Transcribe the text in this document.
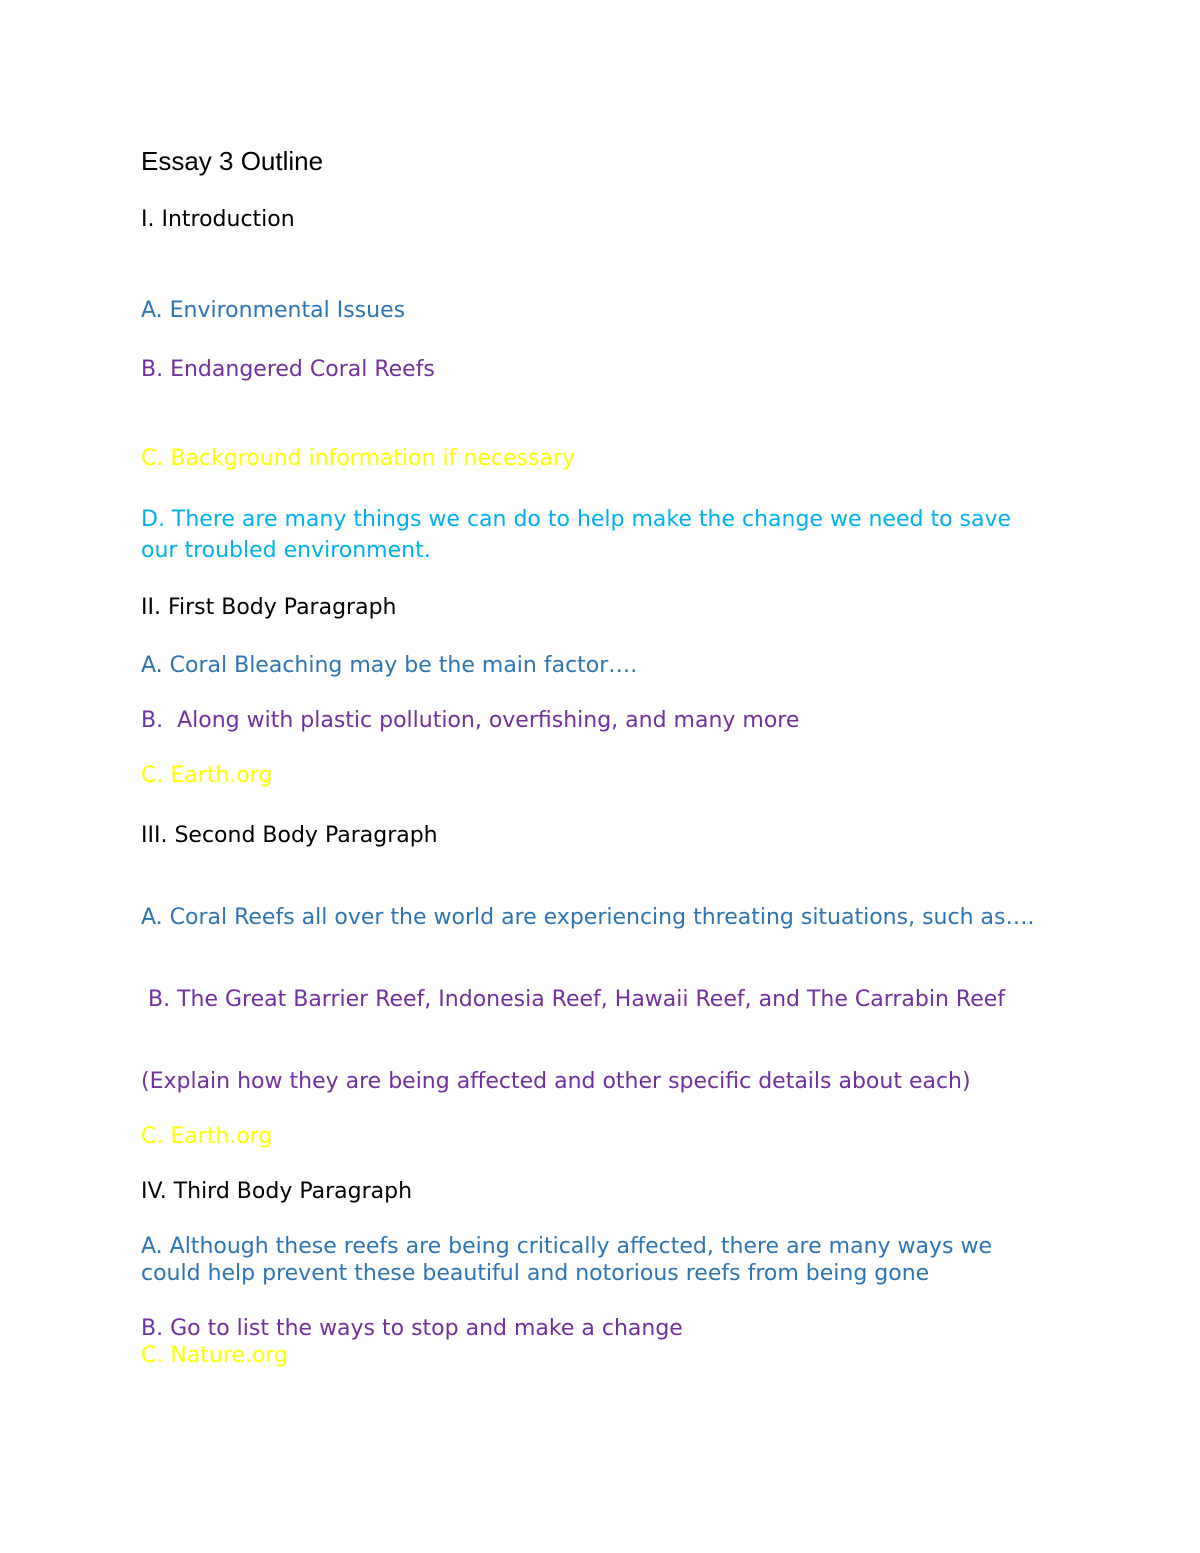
Essay 3 Outline
I. Introduction
A. Environmental Issues
B. Endangered Coral Reefs
C. Background information if necessary
D. There are many things we can do to help make the change we need to save our troubled environment.
II. First Body Paragraph
A. Coral Bleaching may be the main factor….
B.  Along with plastic pollution, overfishing, and many more
C. Earth.org
III. Second Body Paragraph
A. Coral Reefs all over the world are experiencing threating situations, such as….
B. The Great Barrier Reef, Indonesia Reef, Hawaii Reef, and The Carrabin Reef
(Explain how they are being affected and other specific details about each)
C. Earth.org
IV. Third Body Paragraph
A. Although these reefs are being critically affected, there are many ways we could help prevent these beautiful and notorious reefs from being gone
B. Go to list the ways to stop and make a change
C. Nature.org
